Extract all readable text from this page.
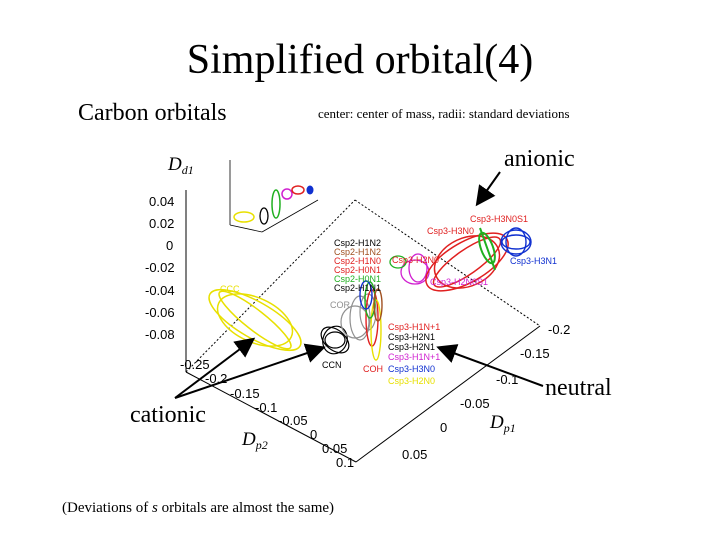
$D_{d1}$
0.04
0.02
0
-0.02
-0.04
-0.06
-0.08
-0.25
-0.2
-0.15
-0.1
-0.05
0
0.05
0.1
$D_{p2}$
-0.2
-0.15
-0.1
-0.05
0
0.05
$D_{p1}$
Csp3-H3N0S1
Csp3-H3N0
Csp3-H3N1
Csp3-H2N0
Csp3-H2N0S1
Csp2-H1N2
Csp2-H1N2
Csp2-H1N0
Csp2-H0N1
Csp2-H0N1
Csp2-H1N1
CCC
COR
CCN COH
Csp3-H1N+1
Csp3-H2N1
Csp3-H2N1
Csp3-H1N+1
Csp3-H3N0
Csp3-H2N0
Simplified orbital(4)
Carbon orbitals	center: center of mass, radii: standard deviations
anionic
neutral
cationic
(Deviations of s orbitals are almost the same)
